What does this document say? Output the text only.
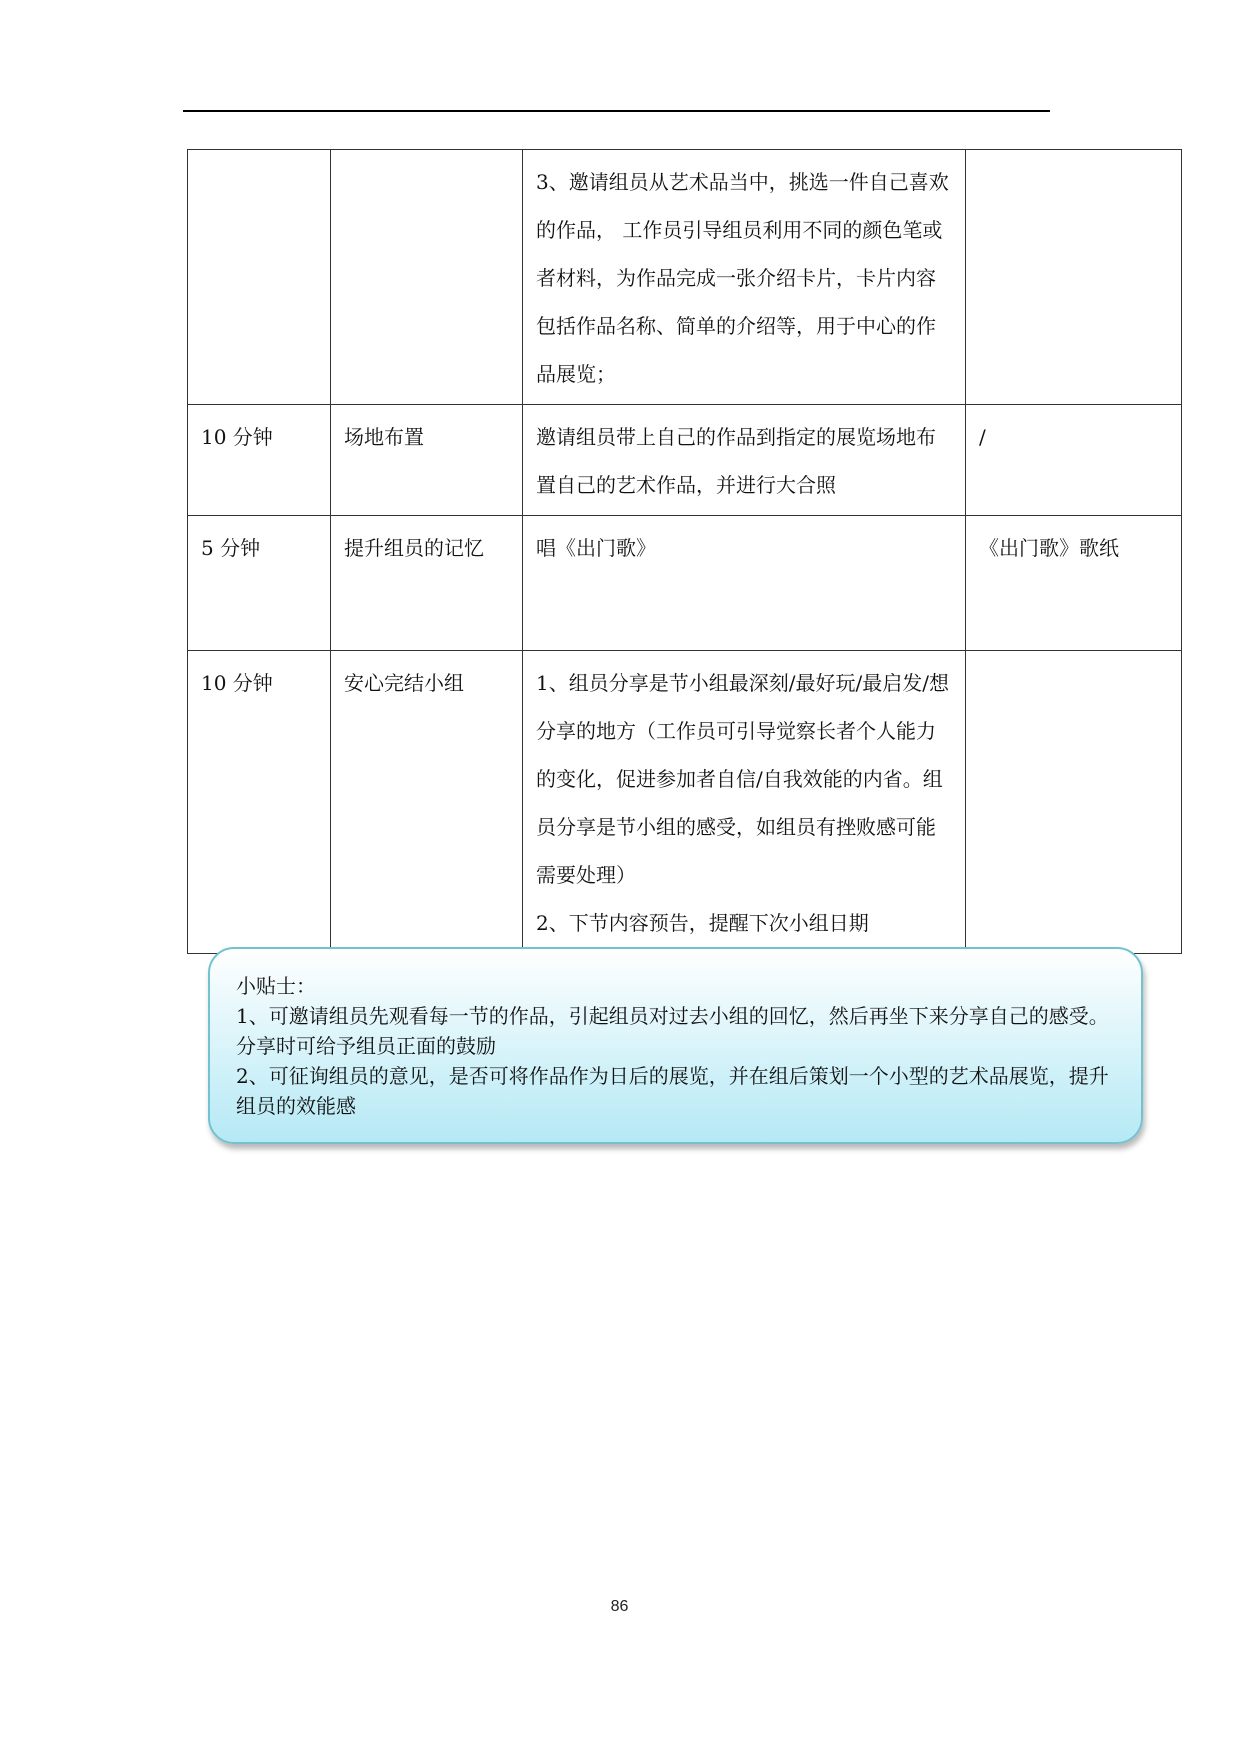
		3、邀请组员从艺术品当中，挑选一件自己喜欢的作品， 工作员引导组员利用不同的颜色笔或者材料，为作品完成一张介绍卡片，卡片内容包括作品名称、简单的介绍等，用于中心的作品展览；	

10 分钟	场地布置	邀请组员带上自己的作品到指定的展览场地布置自己的艺术作品，并进行大合照	/
5 分钟	提升组员的记忆	唱《出门歌》	《出门歌》歌纸
10 分钟	安心完结小组	1、组员分享是节小组最深刻/最好玩/最启发/想分享的地方（工作员可引导觉察长者个人能力的变化，促进参加者自信/自我效能的内省。组员分享是节小组的感受，如组员有挫败感可能需要处理）
2、下节内容预告，提醒下次小组日期	

小贴士：

1、可邀请组员先观看每一节的作品，引起组员对过去小组的回忆，然后再坐下来分享自己的感受。分享时可给予组员正面的鼓励

2、可征询组员的意见，是否可将作品作为日后的展览，并在组后策划一个小型的艺术品展览，提升组员的效能感

86
